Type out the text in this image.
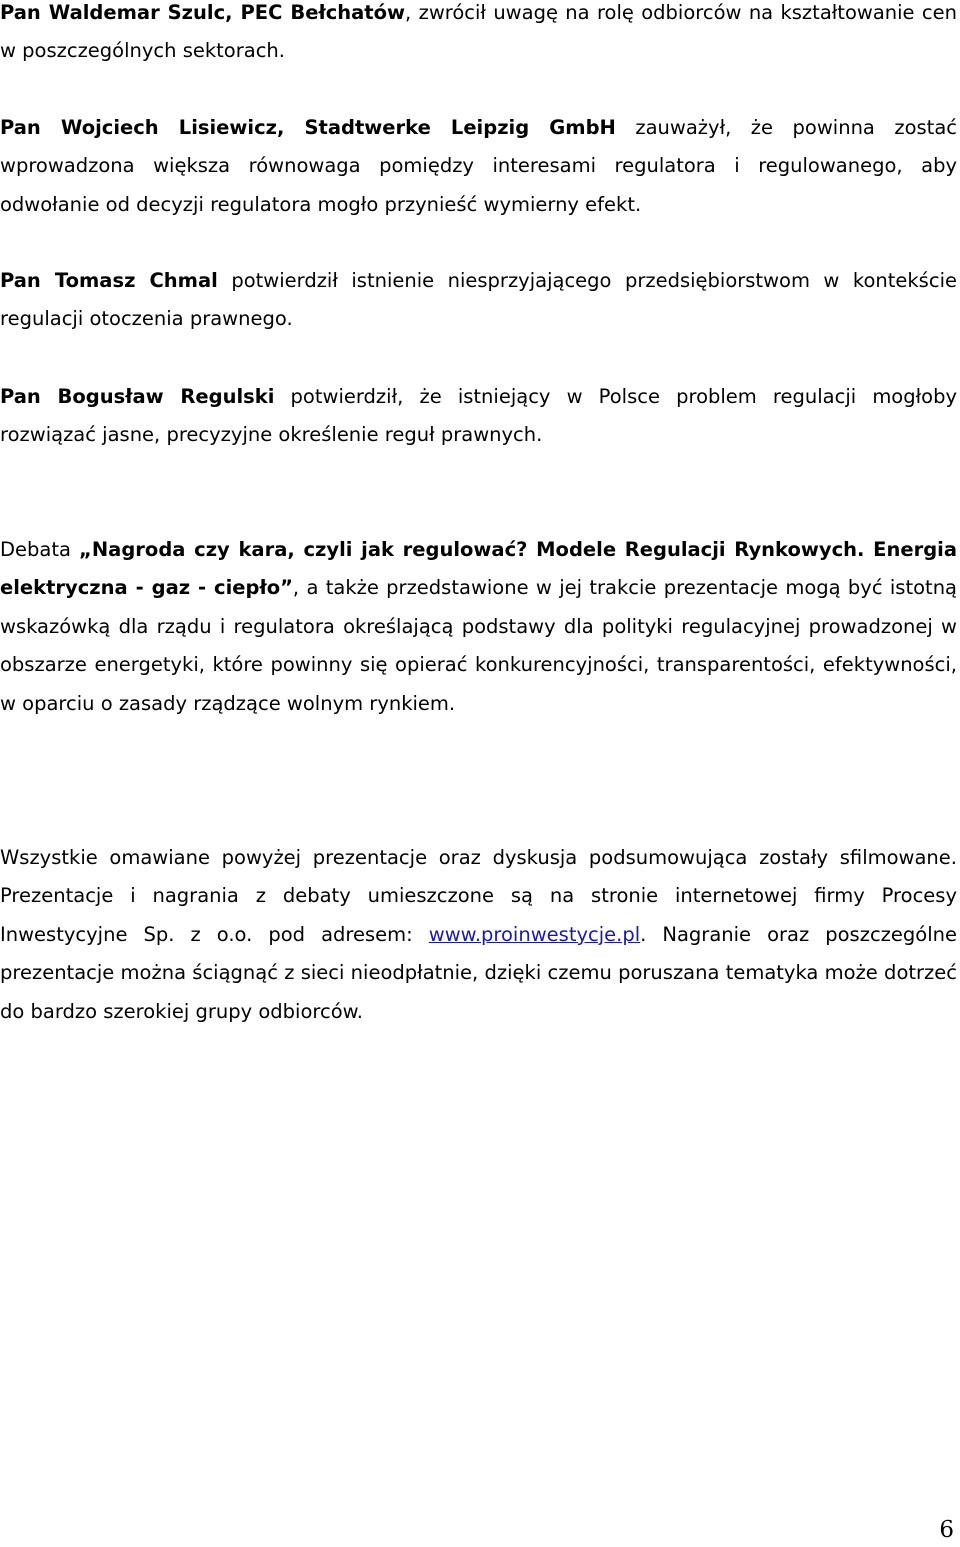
Pan Waldemar Szulc, PEC Bełchatów, zwrócił uwagę na rolę odbiorców na kształtowanie cen w poszczególnych sektorach.

Pan Wojciech Lisiewicz, Stadtwerke Leipzig GmbH zauważył, że powinna zostać wprowadzona większa równowaga pomiędzy interesami regulatora i regulowanego, aby odwołanie od decyzji regulatora mogło przynieść wymierny efekt.

Pan Tomasz Chmal potwierdził istnienie niesprzyjającego przedsiębiorstwom w kontekście regulacji otoczenia prawnego.

Pan Bogusław Regulski potwierdził, że istniejący w Polsce problem regulacji mogłoby rozwiązać jasne, precyzyjne określenie reguł prawnych.

Debata „Nagroda czy kara, czyli jak regulować? Modele Regulacji Rynkowych. Energia elektryczna - gaz - ciepło”, a także przedstawione w jej trakcie prezentacje mogą być istotną wskazówką dla rządu i regulatora określającą podstawy dla polityki regulacyjnej prowadzonej w obszarze energetyki, które powinny się opierać konkurencyjności, transparentości, efektywności, w oparciu o zasady rządzące wolnym rynkiem.

Wszystkie omawiane powyżej prezentacje oraz dyskusja podsumowująca zostały sfilmowane. Prezentacje i nagrania z debaty umieszczone są na stronie internetowej firmy Procesy Inwestycyjne Sp. z o.o. pod adresem: www.proinwestycje.pl. Nagranie oraz poszczególne prezentacje można ściągnąć z sieci nieodpłatnie, dzięki czemu poruszana tematyka może dotrzeć do bardzo szerokiej grupy odbiorców.

6
